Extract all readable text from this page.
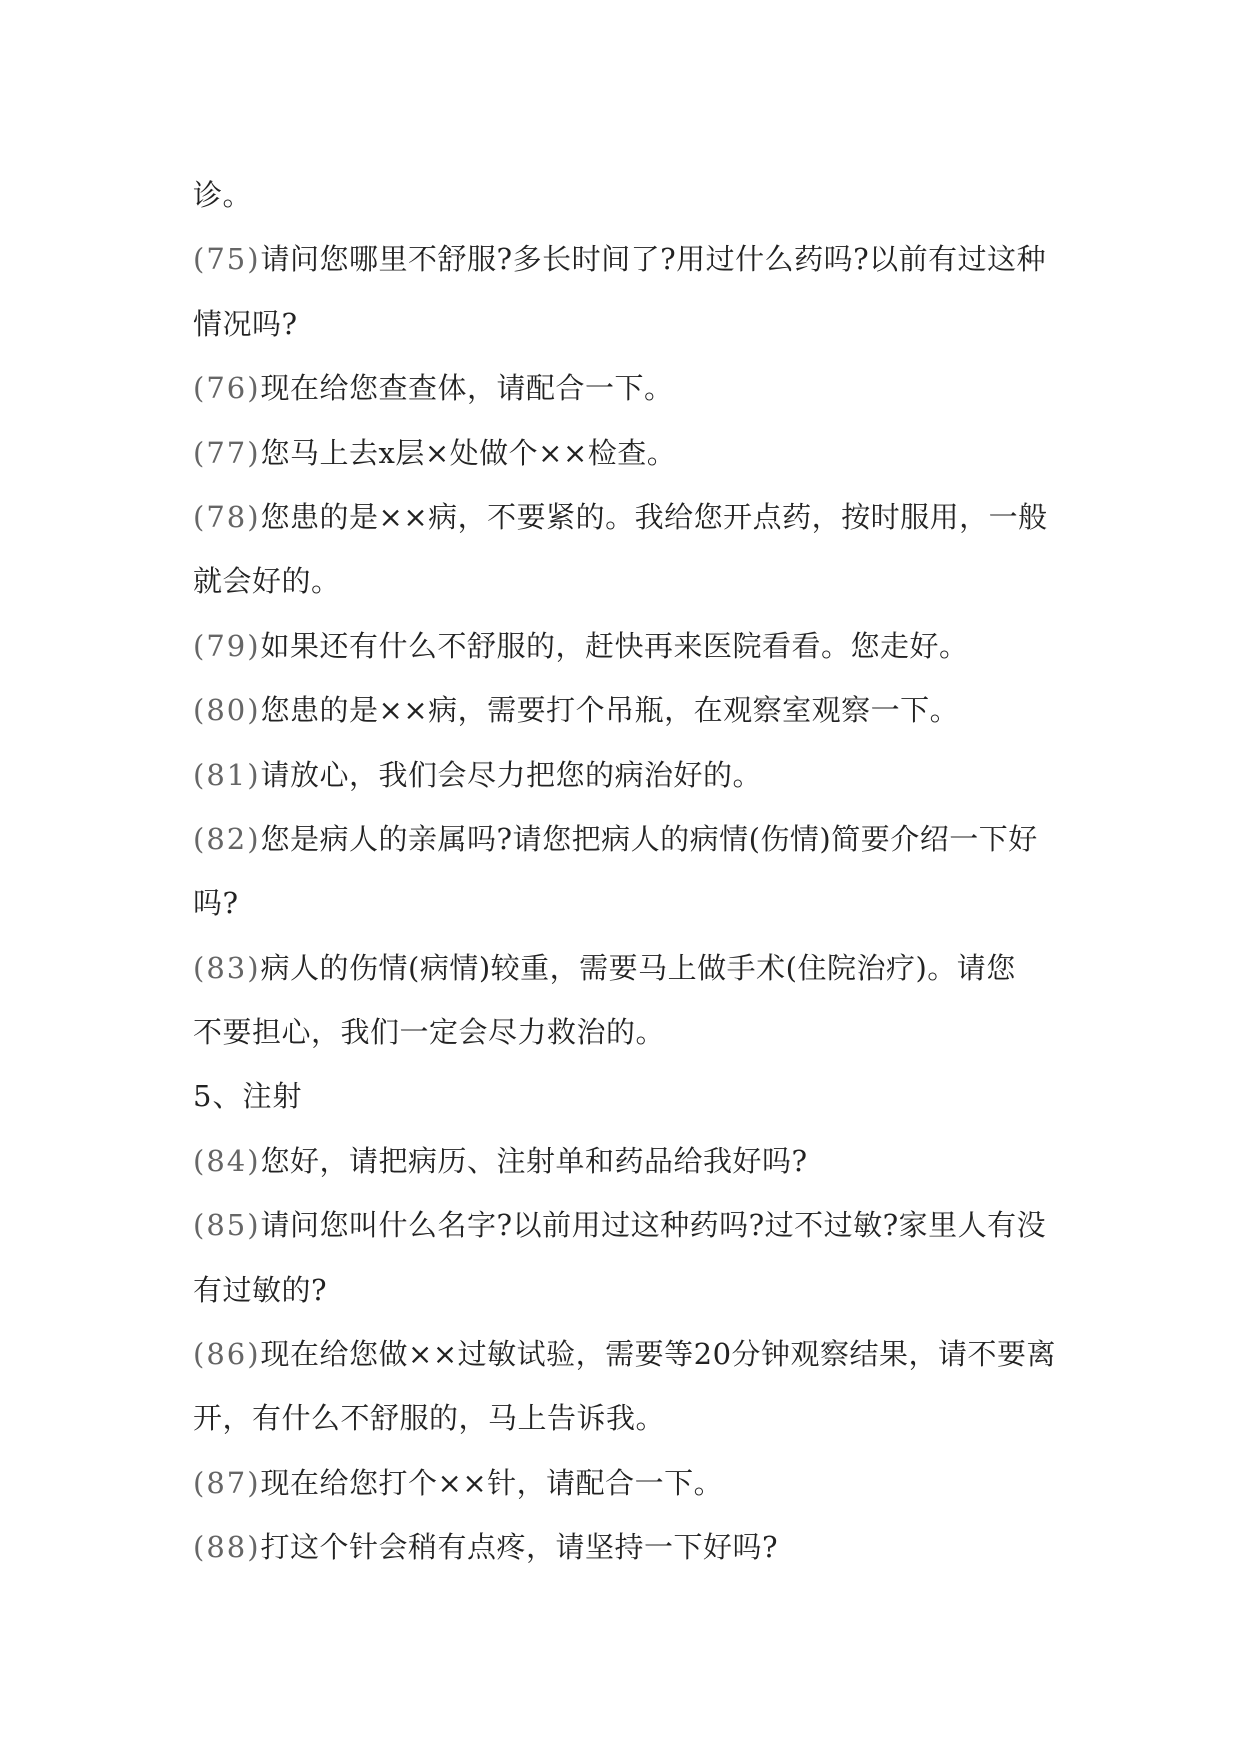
诊。
(75)请问您哪里不舒服?多长时间了?用过什么药吗?以前有过这种
情况吗?
(76)现在给您查查体，请配合一下。
(77)您马上去x层×处做个××检查。
(78)您患的是××病，不要紧的。我给您开点药，按时服用，一般
就会好的。
(79)如果还有什么不舒服的，赶快再来医院看看。您走好。
(80)您患的是××病，需要打个吊瓶，在观察室观察一下。
(81)请放心，我们会尽力把您的病治好的。
(82)您是病人的亲属吗?请您把病人的病情(伤情)简要介绍一下好
吗?
(83)病人的伤情(病情)较重，需要马上做手术(住院治疗)。请您
不要担心，我们一定会尽力救治的。
5、注射
(84)您好，请把病历、注射单和药品给我好吗?
(85)请问您叫什么名字?以前用过这种药吗?过不过敏?家里人有没
有过敏的?
(86)现在给您做××过敏试验，需要等20分钟观察结果，请不要离
开，有什么不舒服的，马上告诉我。
(87)现在给您打个××针，请配合一下。
(88)打这个针会稍有点疼，请坚持一下好吗?
